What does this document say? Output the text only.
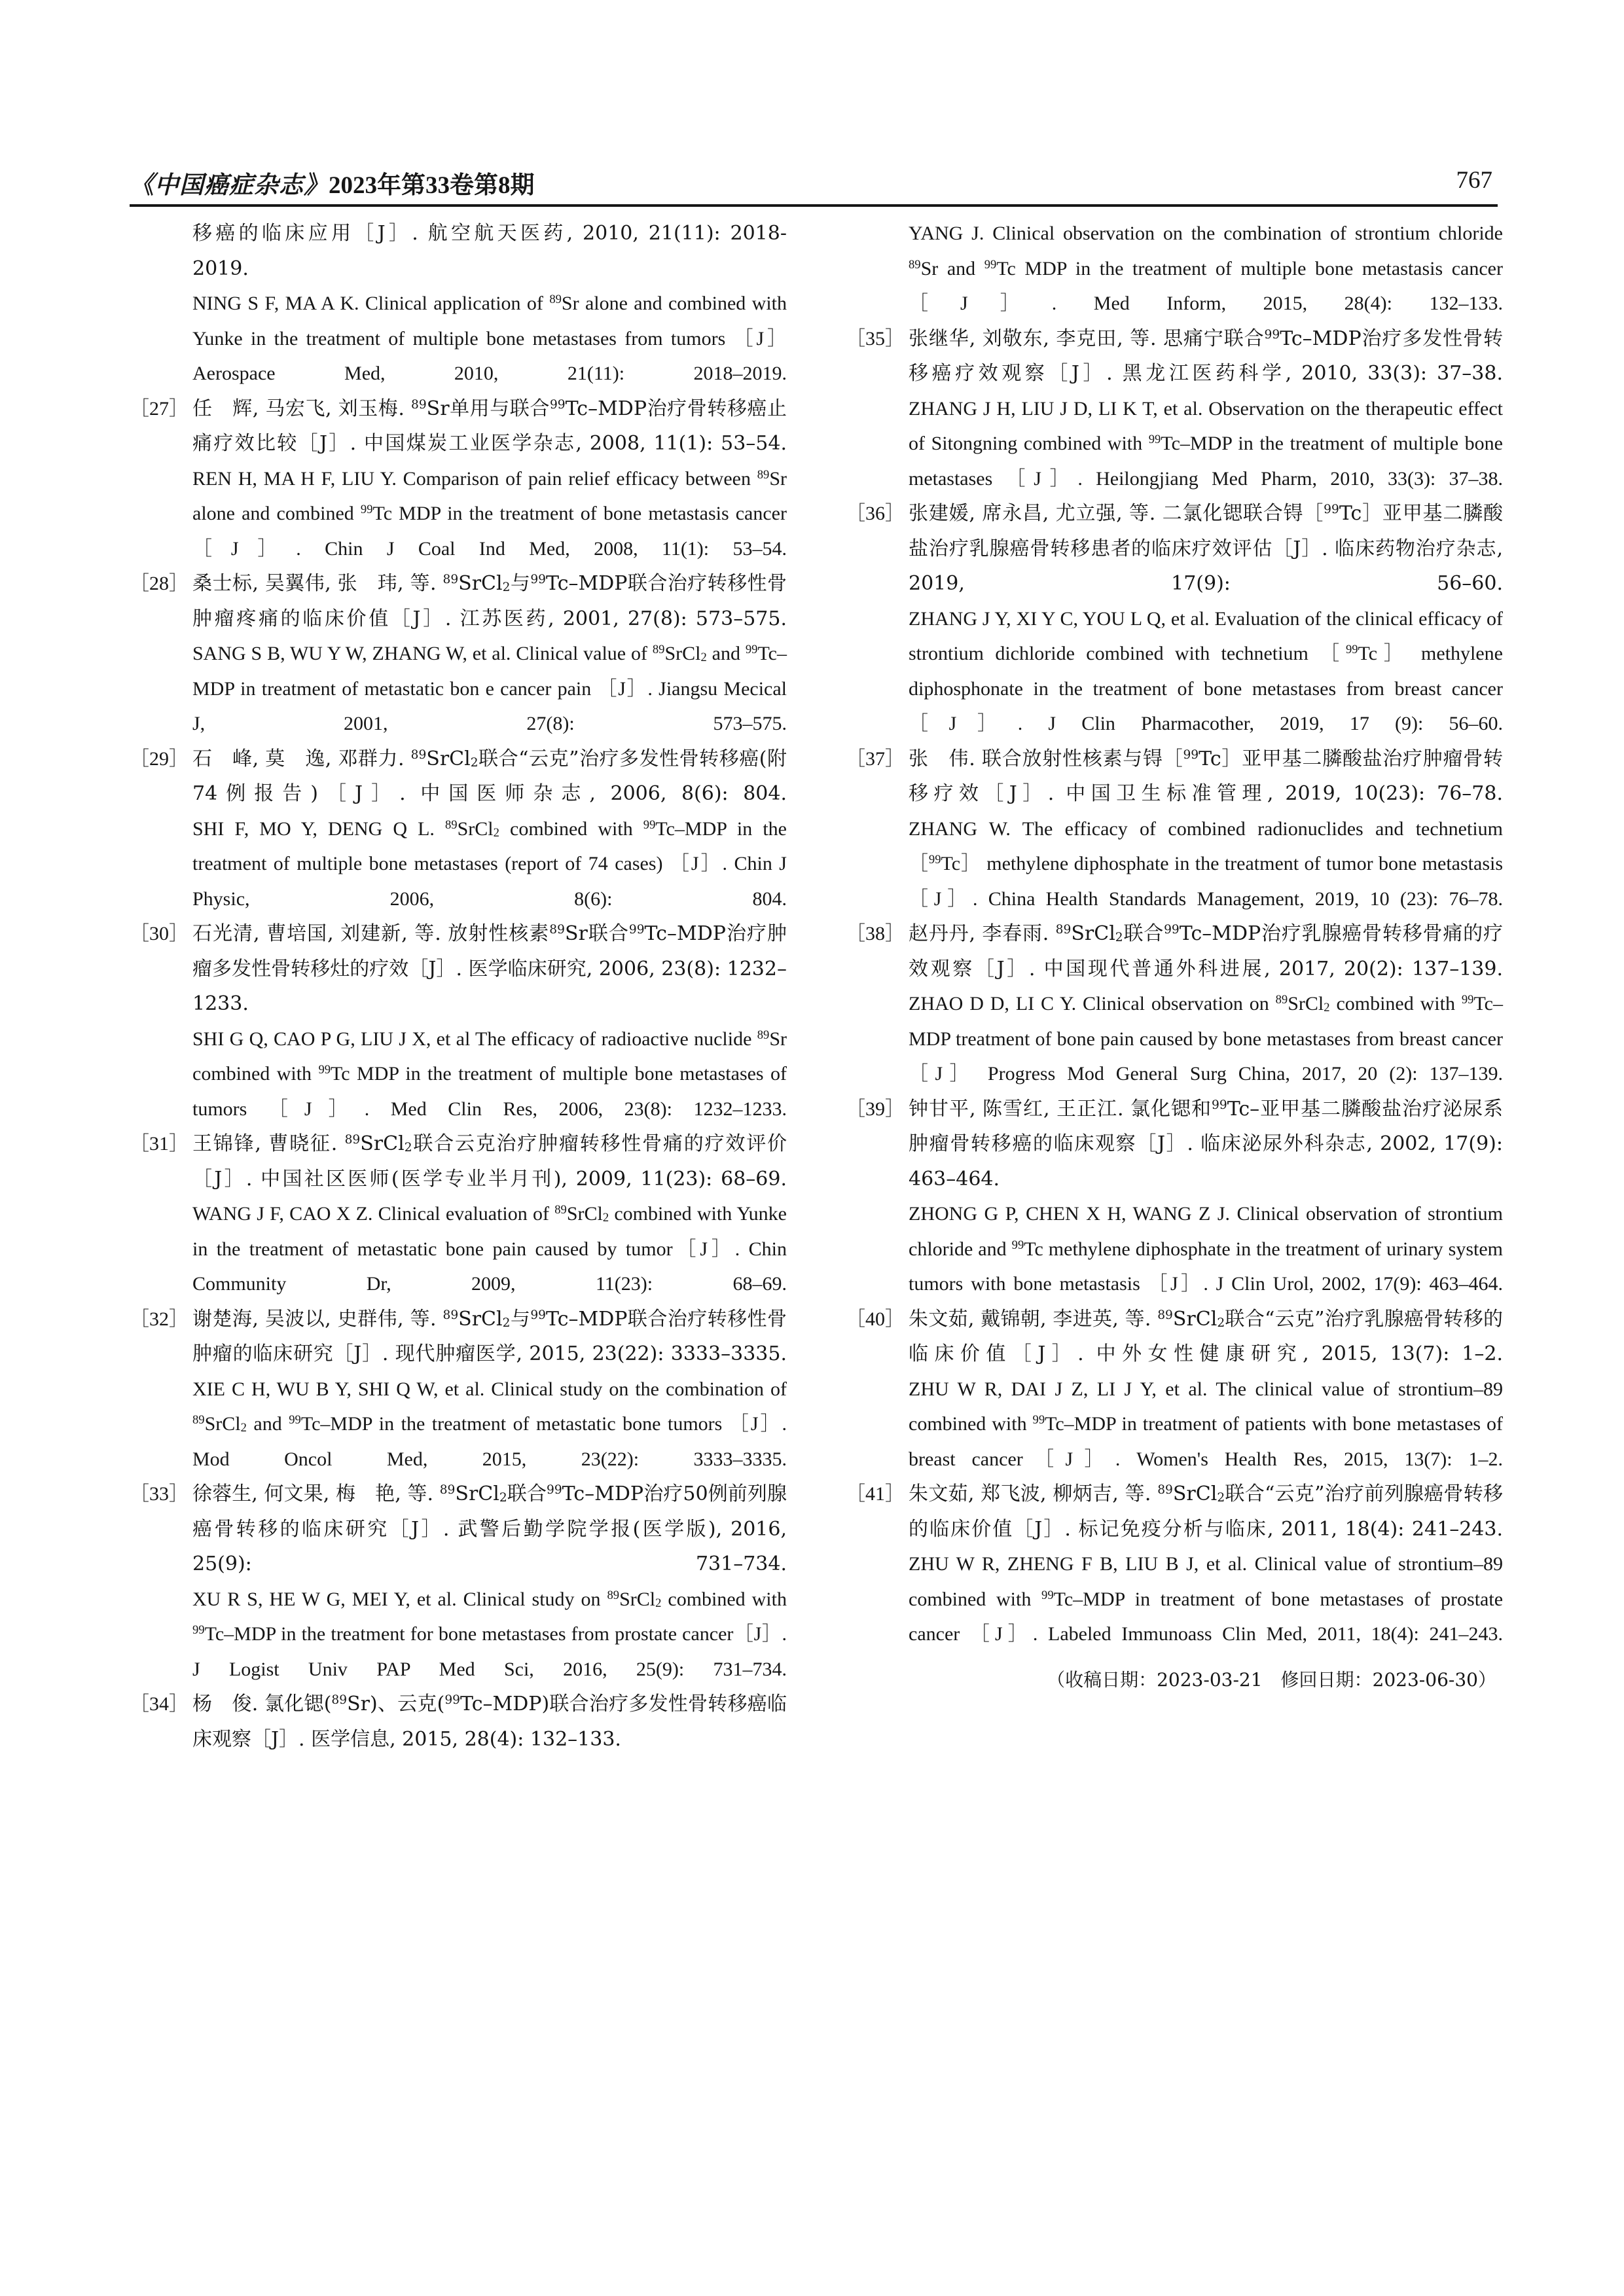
《中国癌症杂志》2023年第33卷第8期	767

移癌的临床应用［J］. 航空航天医药, 2010, 21(11): 2018-
2019.

NING S F, MA A K. Clinical application of $^{89}$Sr alone and combined with Yunke in the treatment of multiple bone metastases from tumors ［J］ Aerospace Med, 2010, 21(11): 2018–2019.

［27］ 任　辉, 马宏飞, 刘玉梅. $^{89}$Sr单用与联合$^{99}$Tc–MDP治疗骨转移癌止痛疗效比较［J］. 中国煤炭工业医学杂志, 2008, 11(1): 53–54.

REN H, MA H F, LIU Y. Comparison of pain relief efficacy between $^{89}$Sr alone and combined $^{99}$Tc MDP in the treatment of bone metastasis cancer ［J］. Chin J Coal Ind Med, 2008, 11(1): 53–54.

［28］ 桑士标, 吴翼伟, 张　玮, 等. $^{89}$SrCl$_2$与$^{99}$Tc–MDP联合治疗转移性骨肿瘤疼痛的临床价值［J］. 江苏医药, 2001, 27(8): 573–575.

SANG S B, WU Y W, ZHANG W, et al. Clinical value of $^{89}$SrCl$_2$ and $^{99}$Tc–MDP in treatment of metastatic bon e cancer pain ［J］. Jiangsu Mecical J, 2001, 27(8): 573–575.

［29］ 石　峰, 莫　逸, 邓群力. $^{89}$SrCl$_2$联合“云克”治疗多发性骨转移癌(附74例报告)［J］. 中国医师杂志, 2006, 8(6): 804.

SHI F, MO Y, DENG Q L. $^{89}$SrCl$_2$ combined with $^{99}$Tc–MDP in the treatment of multiple bone metastases (report of 74 cases) ［J］. Chin J Physic, 2006, 8(6): 804.

［30］ 石光清, 曹培国, 刘建新, 等. 放射性核素$^{89}$Sr联合$^{99}$Tc–MDP治疗肿瘤多发性骨转移灶的疗效［J］. 医学临床研究, 2006, 23(8): 1232–1233.

SHI G Q, CAO P G, LIU J X, et al The efficacy of radioactive nuclide $^{89}$Sr combined with $^{99}$Tc MDP in the treatment of multiple bone metastases of tumors ［J］. Med Clin Res, 2006, 23(8): 1232–1233.

［31］ 王锦锋, 曹晓征. $^{89}$SrCl$_2$联合云克治疗肿瘤转移性骨痛的疗效评价［J］. 中国社区医师(医学专业半月刊), 2009, 11(23): 68–69.

WANG J F, CAO X Z. Clinical evaluation of $^{89}$SrCl$_2$ combined with Yunke in the treatment of metastatic bone pain caused by tumor［J］. Chin Community Dr, 2009, 11(23): 68–69.

［32］ 谢楚海, 吴波以, 史群伟, 等. $^{89}$SrCl$_2$与$^{99}$Tc–MDP联合治疗转移性骨肿瘤的临床研究［J］. 现代肿瘤医学, 2015, 23(22): 3333–3335.

XIE C H, WU B Y, SHI Q W, et al. Clinical study on the combination of $^{89}$SrCl$_2$ and $^{99}$Tc–MDP in the treatment of metastatic bone tumors ［J］. Mod Oncol Med, 2015, 23(22): 3333–3335.

［33］ 徐蓉生, 何文果, 梅　艳, 等. $^{89}$SrCl$_2$联合$^{99}$Tc–MDP治疗50例前列腺癌骨转移的临床研究［J］. 武警后勤学院学报(医学版), 2016, 25(9): 731–734.

XU R S, HE W G, MEI Y, et al. Clinical study on $^{89}$SrCl$_2$ combined with $^{99}$Tc–MDP in the treatment for bone metastases from prostate cancer［J］. J Logist Univ PAP Med Sci, 2016, 25(9): 731–734.

［34］ 杨　俊. 氯化锶($^{89}$Sr)、云克($^{99}$Tc–MDP)联合治疗多发性骨转移癌临床观察［J］. 医学信息, 2015, 28(4): 132–133.

YANG J. Clinical observation on the combination of strontium chloride $^{89}$Sr and $^{99}$Tc MDP in the treatment of multiple bone metastasis cancer ［J］. Med Inform, 2015, 28(4): 132–133.

［35］ 张继华, 刘敬东, 李克田, 等. 思痛宁联合$^{99}$Tc–MDP治疗多发性骨转移癌疗效观察［J］. 黑龙江医药科学, 2010, 33(3): 37–38.

ZHANG J H, LIU J D, LI K T, et al. Observation on the therapeutic effect of Sitongning combined with $^{99}$Tc–MDP in the treatment of multiple bone metastases ［J］. Heilongjiang Med Pharm, 2010, 33(3): 37–38.

［36］ 张建媛, 席永昌, 尤立强, 等. 二氯化锶联合锝［$^{99}$Tc］亚甲基二膦酸盐治疗乳腺癌骨转移患者的临床疗效评估［J］. 临床药物治疗杂志, 2019, 17(9): 56–60.

ZHANG J Y, XI Y C, YOU L Q, et al. Evaluation of the clinical efficacy of strontium dichloride combined with technetium ［$^{99}$Tc］ methylene diphosphonate in the treatment of bone metastases from breast cancer ［J］. J Clin Pharmacother, 2019, 17 (9): 56–60.

［37］ 张　伟. 联合放射性核素与锝［$^{99}$Tc］亚甲基二膦酸盐治疗肿瘤骨转移疗效［J］. 中国卫生标准管理, 2019, 10(23): 76–78.

ZHANG W. The efficacy of combined radionuclides and technetium ［$^{99}$Tc］ methylene diphosphate in the treatment of tumor bone metastasis ［J］. China Health Standards Management, 2019, 10 (23): 76–78.

［38］ 赵丹丹, 李春雨. $^{89}$SrCl$_2$联合$^{99}$Tc–MDP治疗乳腺癌骨转移骨痛的疗效观察［J］. 中国现代普通外科进展, 2017, 20(2): 137–139.

ZHAO D D, LI C Y. Clinical observation on $^{89}$SrCl$_2$ combined with $^{99}$Tc–MDP treatment of bone pain caused by bone metastases from breast cancer ［J］ Progress Mod General Surg China, 2017, 20 (2): 137–139.

［39］ 钟甘平, 陈雪红, 王正江. 氯化锶和$^{99}$Tc–亚甲基二膦酸盐治疗泌尿系肿瘤骨转移癌的临床观察［J］. 临床泌尿外科杂志, 2002, 17(9): 463–464.

ZHONG G P, CHEN X H, WANG Z J. Clinical observation of strontium chloride and $^{99}$Tc methylene diphosphate in the treatment of urinary system tumors with bone metastasis ［J］. J Clin Urol, 2002, 17(9): 463–464.

［40］ 朱文茹, 戴锦朝, 李进英, 等. $^{89}$SrCl$_2$联合“云克”治疗乳腺癌骨转移的临床价值［J］. 中外女性健康研究, 2015, 13(7): 1–2.

ZHU W R, DAI J Z, LI J Y, et al. The clinical value of strontium–89 combined with $^{99}$Tc–MDP in treatment of patients with bone metastases of breast cancer［J］. Women's Health Res, 2015, 13(7): 1–2.

［41］ 朱文茹, 郑飞波, 柳炳吉, 等. $^{89}$SrCl$_2$联合“云克”治疗前列腺癌骨转移的临床价值［J］. 标记免疫分析与临床, 2011, 18(4): 241–243.

ZHU W R, ZHENG F B, LIU B J, et al. Clinical value of strontium–89 combined with $^{99}$Tc–MDP in treatment of bone metastases of prostate cancer ［J］. Labeled Immunoass Clin Med, 2011, 18(4): 241–243.

（收稿日期：2023-03-21　修回日期：2023-06-30）
